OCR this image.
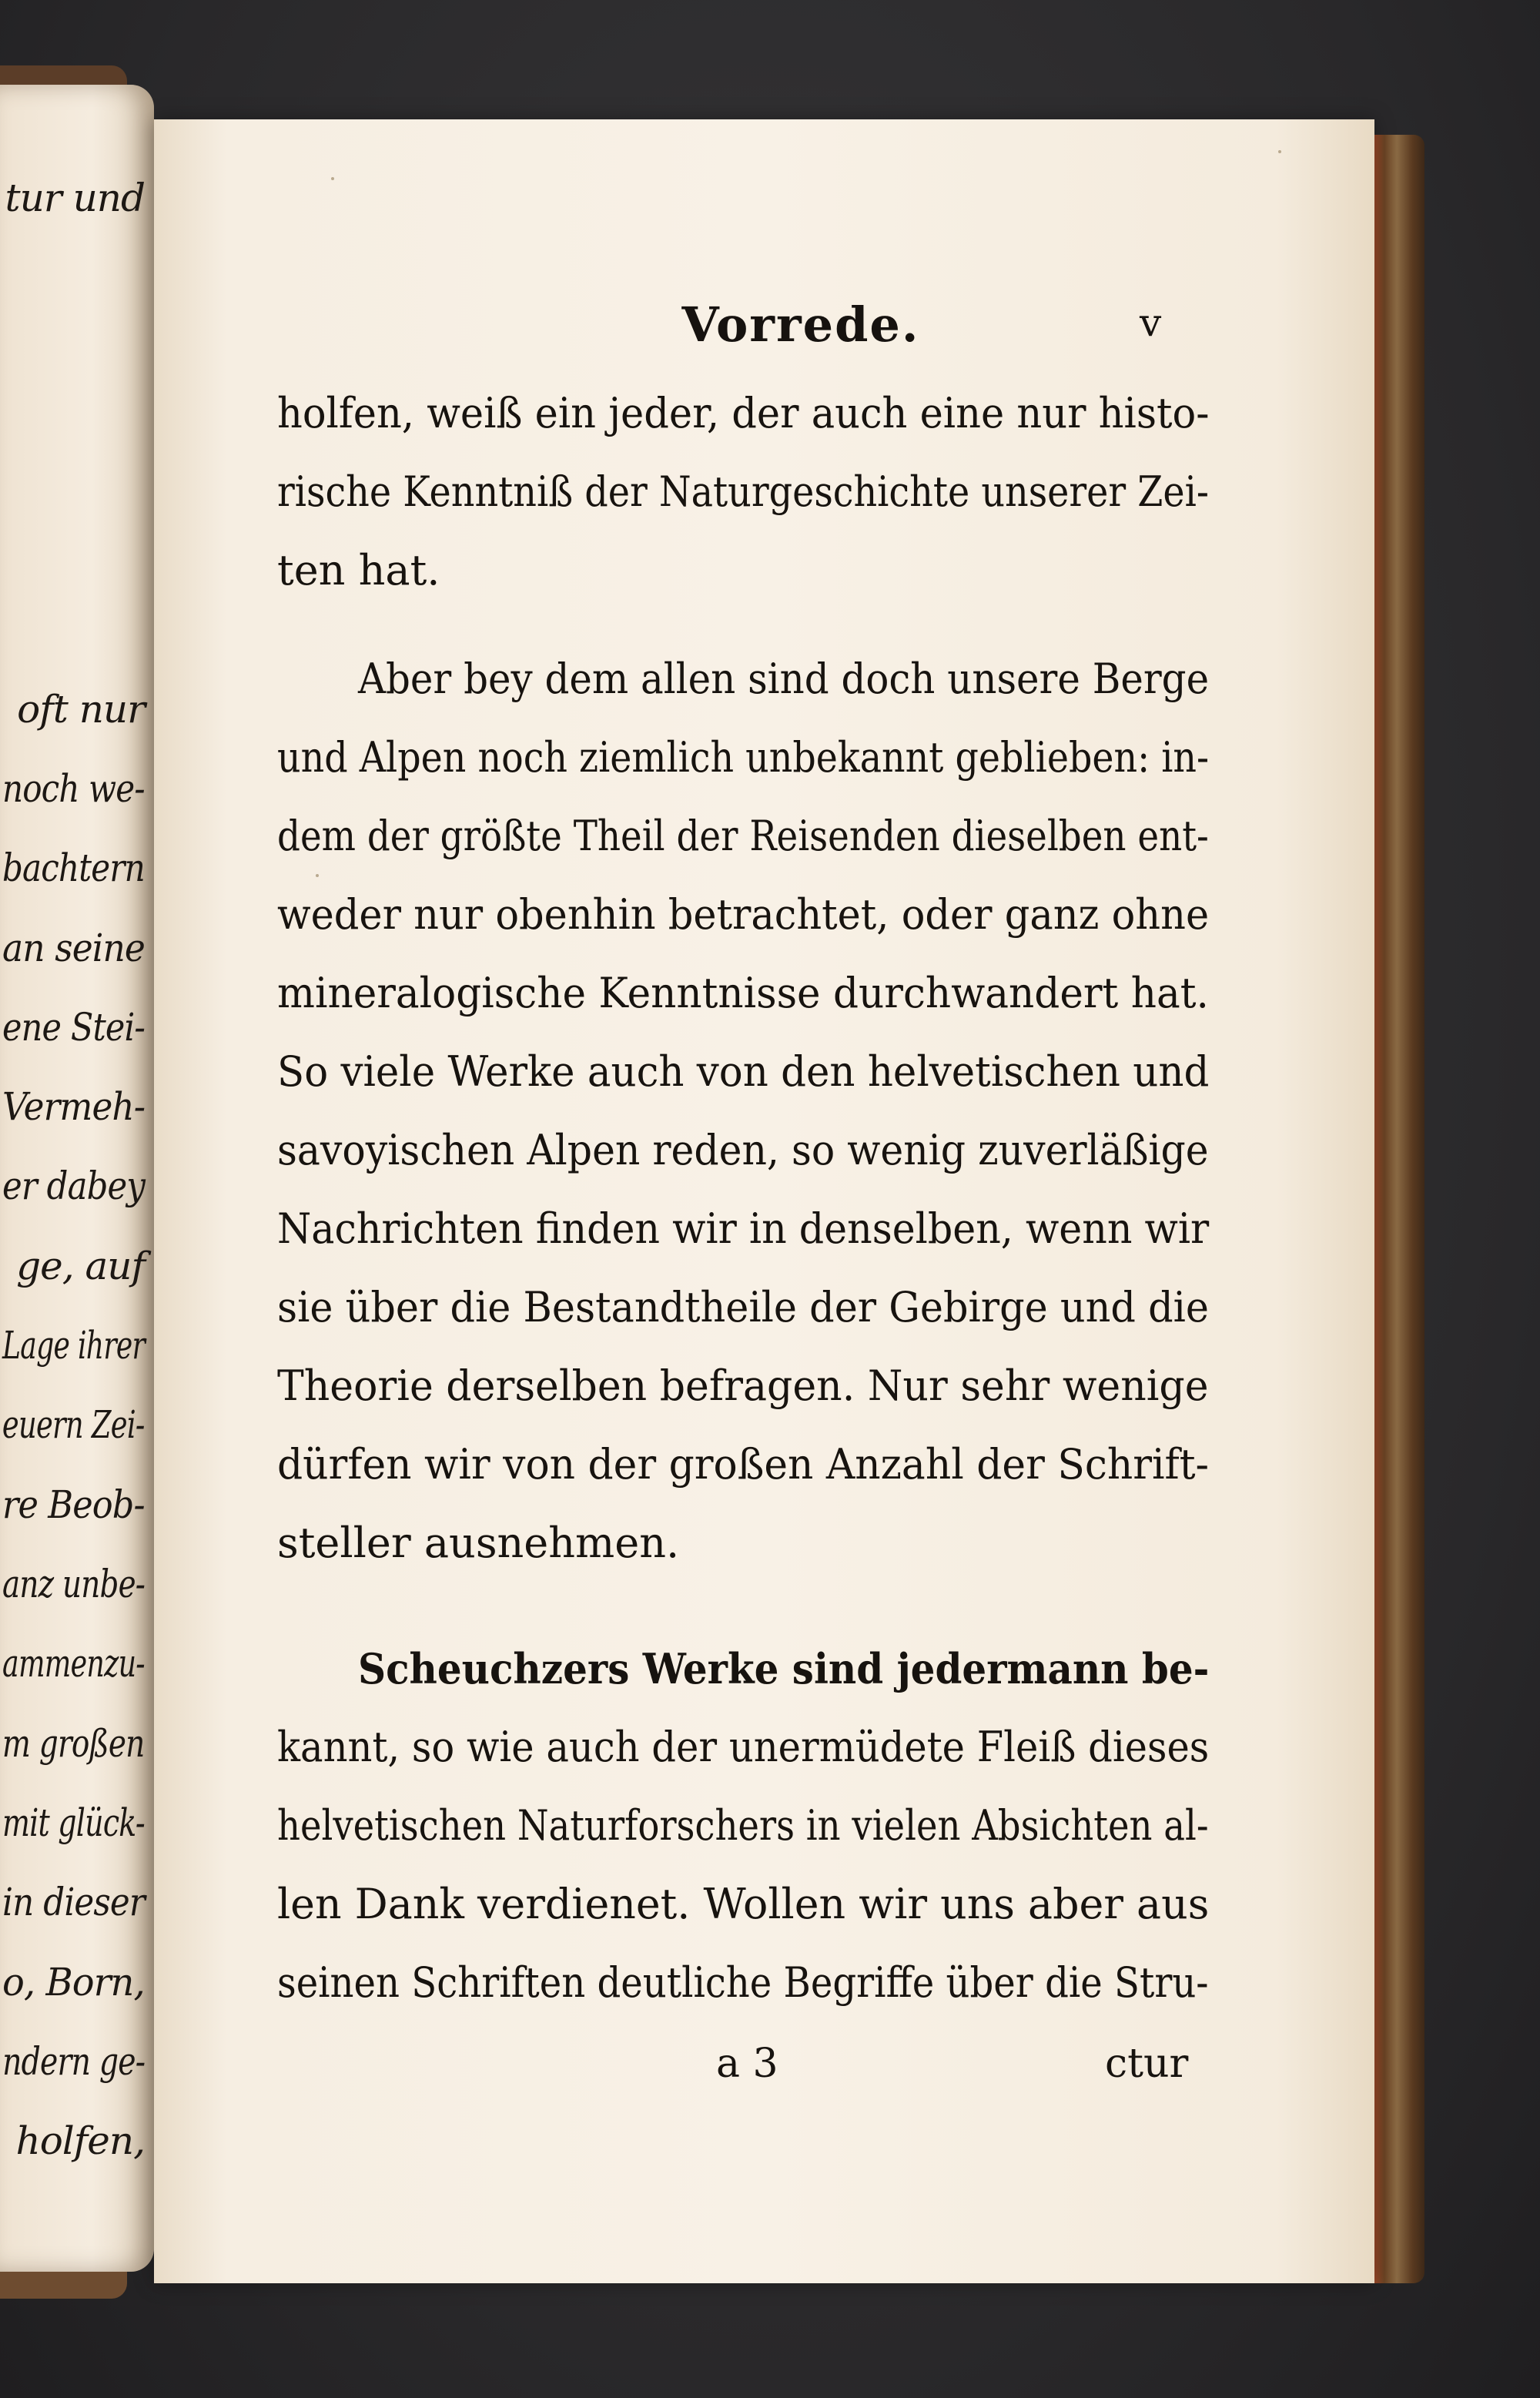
tur und
oft nur
noch we-
bachtern
an seine
ene Stei-
Vermeh-
er dabey
ge, auf
Lage ihrer
euern Zei-
re Beob-
anz unbe-
ammenzu-
m großen
mit glück-
in dieser
o, Born,
ndern ge-
holfen,
Vorrede.	v
holfen, weiß ein jeder, der auch eine nur histo-
rische Kenntniß der Naturgeschichte unserer Zei-
ten hat.
Aber bey dem allen sind doch unsere Berge
und Alpen noch ziemlich unbekannt geblieben: in-
dem der größte Theil der Reisenden dieselben ent-
weder nur obenhin betrachtet, oder ganz ohne
mineralogische Kenntnisse durchwandert hat.
So viele Werke auch von den helvetischen und
savoyischen Alpen reden, so wenig zuverläßige
Nachrichten finden wir in denselben, wenn wir
sie über die Bestandtheile der Gebirge und die
Theorie derselben befragen. Nur sehr wenige
dürfen wir von der großen Anzahl der Schrift-
steller ausnehmen.
Scheuchzers Werke sind jedermann be-
kannt, so wie auch der unermüdete Fleiß dieses
helvetischen Naturforschers in vielen Absichten al-
len Dank verdienet. Wollen wir uns aber aus
seinen Schriften deutliche Begriffe über die Stru-
a 3	ctur
